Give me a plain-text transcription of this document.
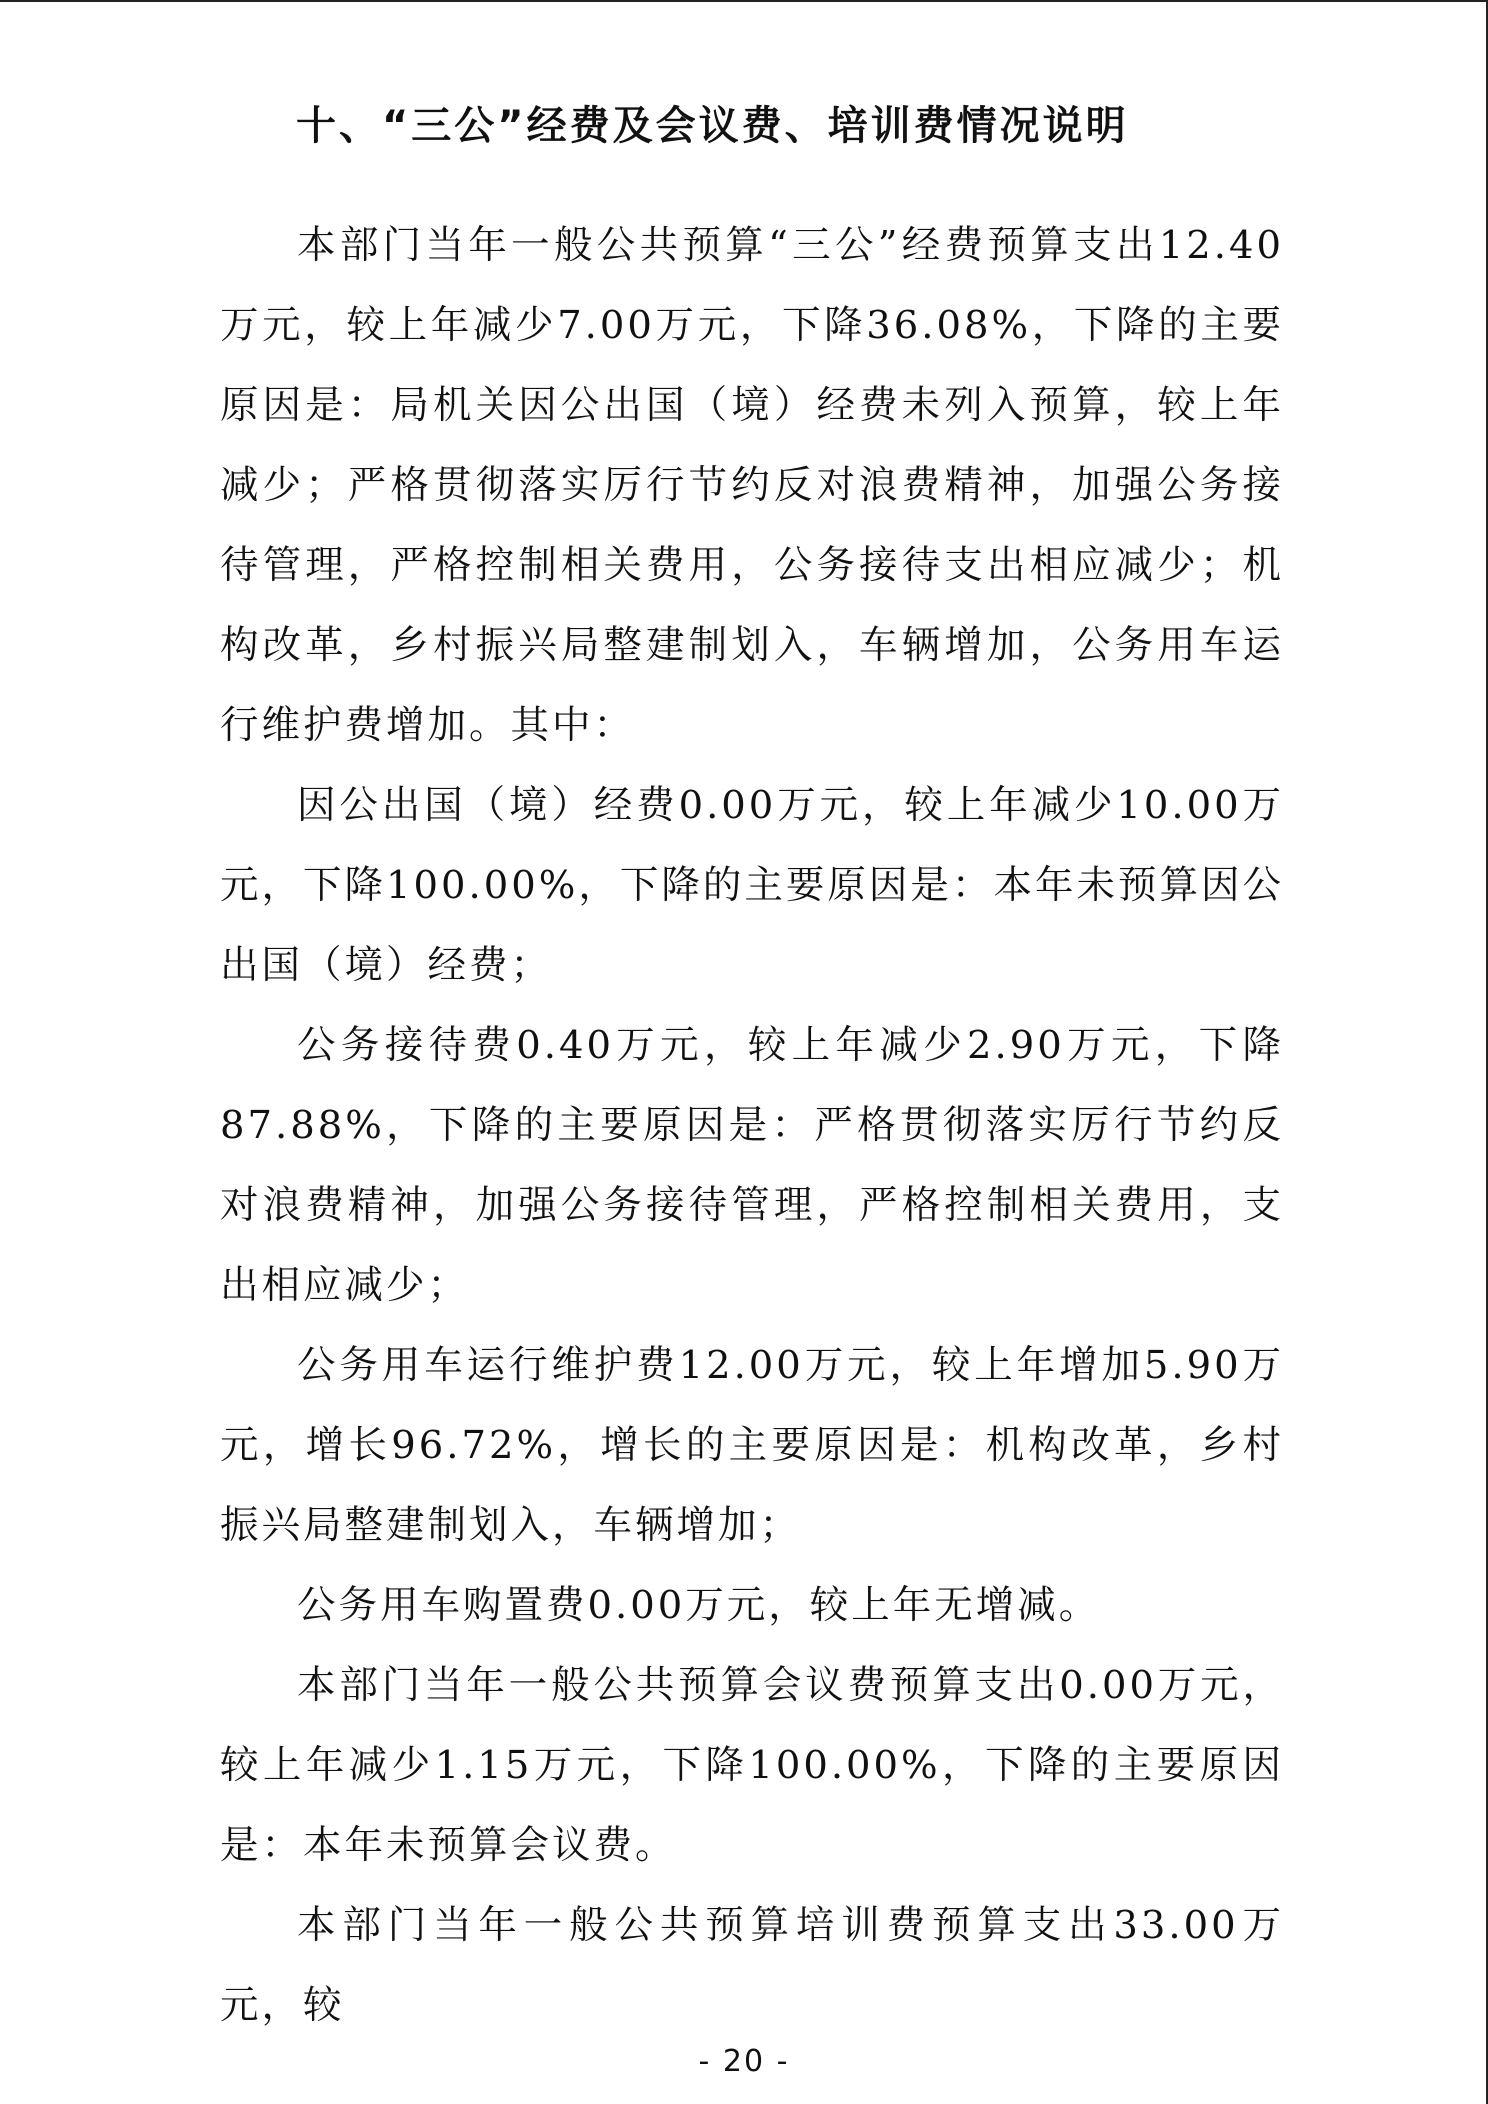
十、“三公”经费及会议费、培训费情况说明

本部门当年一般公共预算“三公”经费预算支出12.40万元，较上年减少7.00万元，下降36.08%，下降的主要原因是：局机关因公出国（境）经费未列入预算，较上年减少；严格贯彻落实厉行节约反对浪费精神，加强公务接待管理，严格控制相关费用，公务接待支出相应减少；机构改革，乡村振兴局整建制划入，车辆增加，公务用车运行维护费增加。其中：

因公出国（境）经费0.00万元，较上年减少10.00万元，下降100.00%，下降的主要原因是：本年未预算因公出国（境）经费；

公务接待费0.40万元，较上年减少2.90万元，下降87.88%，下降的主要原因是：严格贯彻落实厉行节约反对浪费精神，加强公务接待管理，严格控制相关费用，支出相应减少；

公务用车运行维护费12.00万元，较上年增加5.90万元，增长96.72%，增长的主要原因是：机构改革，乡村振兴局整建制划入，车辆增加；

公务用车购置费0.00万元，较上年无增减。

本部门当年一般公共预算会议费预算支出0.00万元，较上年减少1.15万元，下降100.00%，下降的主要原因是：本年未预算会议费。

本部门当年一般公共预算培训费预算支出33.00万元，较

- 20 -
